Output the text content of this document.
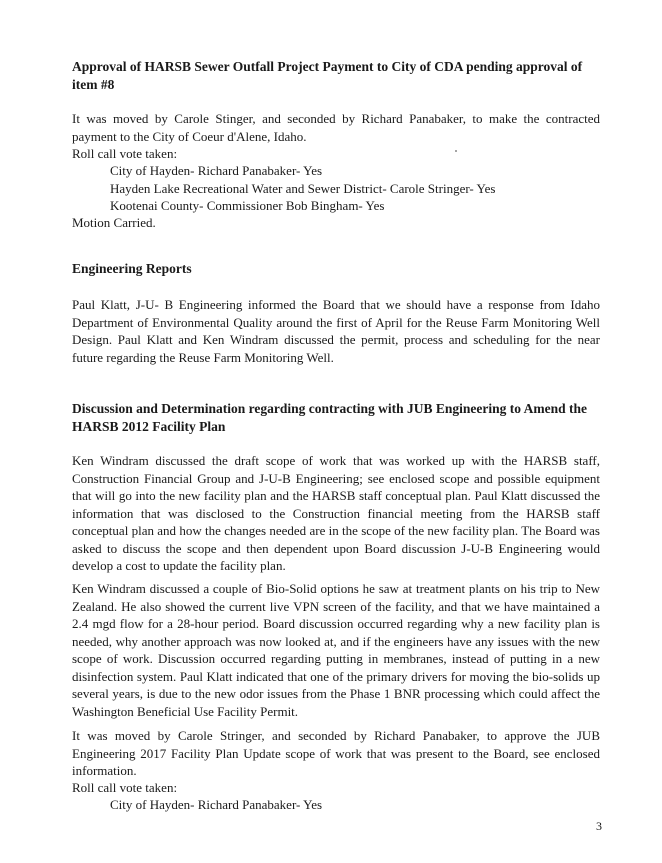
Approval of HARSB Sewer Outfall Project Payment to City of CDA pending approval of item #8
It was moved by Carole Stinger, and seconded by Richard Panabaker, to make the contracted payment to the City of Coeur d'Alene, Idaho.
Roll call vote taken:
City of Hayden- Richard Panabaker- Yes
Hayden Lake Recreational Water and Sewer District- Carole Stringer- Yes
Kootenai County- Commissioner Bob Bingham- Yes
Motion Carried.
Engineering Reports
Paul Klatt, J-U- B Engineering informed the Board that we should have a response from Idaho Department of Environmental Quality around the first of April for the Reuse Farm Monitoring Well Design. Paul Klatt and Ken Windram discussed the permit, process and scheduling for the near future regarding the Reuse Farm Monitoring Well.
Discussion and Determination regarding contracting with JUB Engineering to Amend the HARSB 2012 Facility Plan
Ken Windram discussed the draft scope of work that was worked up with the HARSB staff, Construction Financial Group and J-U-B Engineering; see enclosed scope and possible equipment that will go into the new facility plan and the HARSB staff conceptual plan. Paul Klatt discussed the information that was disclosed to the Construction financial meeting from the HARSB staff conceptual plan and how the changes needed are in the scope of the new facility plan. The Board was asked to discuss the scope and then dependent upon Board discussion J-U-B Engineering would develop a cost to update the facility plan.
Ken Windram discussed a couple of Bio-Solid options he saw at treatment plants on his trip to New Zealand. He also showed the current live VPN screen of the facility, and that we have maintained a 2.4 mgd flow for a 28-hour period. Board discussion occurred regarding why a new facility plan is needed, why another approach was now looked at, and if the engineers have any issues with the new scope of work. Discussion occurred regarding putting in membranes, instead of putting in a new disinfection system. Paul Klatt indicated that one of the primary drivers for moving the bio-solids up several years, is due to the new odor issues from the Phase 1 BNR processing which could affect the Washington Beneficial Use Facility Permit.
It was moved by Carole Stringer, and seconded by Richard Panabaker, to approve the JUB Engineering 2017 Facility Plan Update scope of work that was present to the Board, see enclosed information.
Roll call vote taken:
City of Hayden- Richard Panabaker- Yes
3
